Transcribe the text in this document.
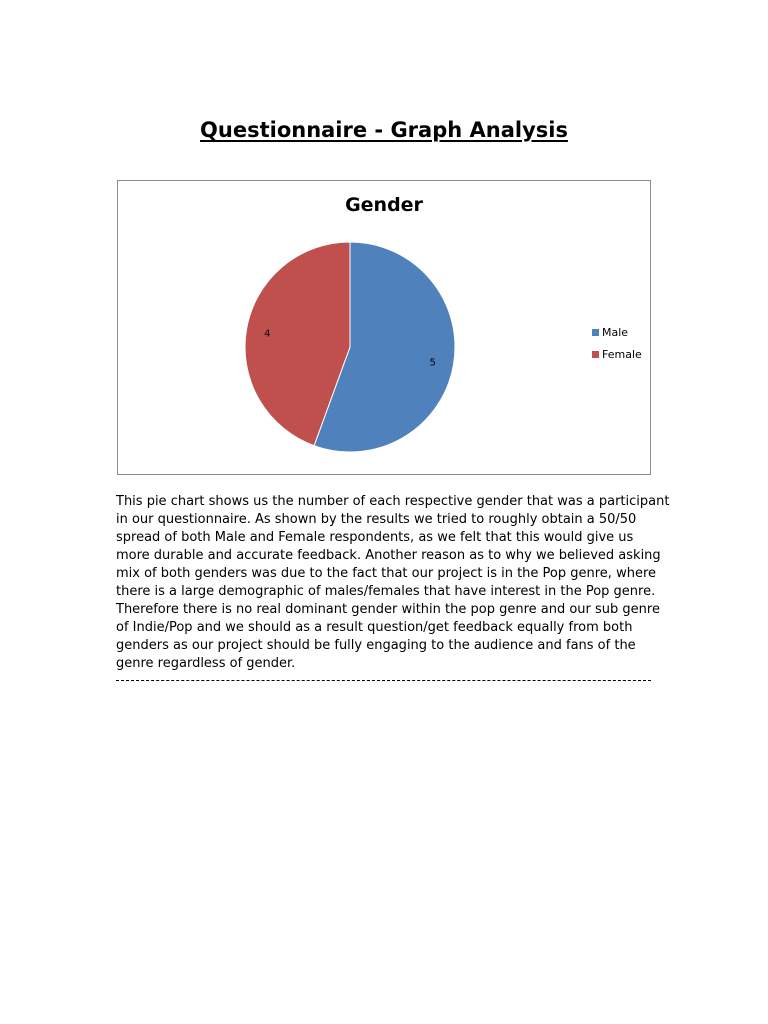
Questionnaire - Graph Analysis
Gender
5
4	Male
Female
This pie chart shows us the number of each respective gender that was a participant
in our questionnaire. As shown by the results we tried to roughly obtain a 50/50
spread of both Male and Female respondents, as we felt that this would give us
more durable and accurate feedback. Another reason as to why we believed asking
mix of both genders was due to the fact that our project is in the Pop genre, where
there is a large demographic of males/females that have interest in the Pop genre.
Therefore there is no real dominant gender within the pop genre and our sub genre
of Indie/Pop and we should as a result question/get feedback equally from both
genders as our project should be fully engaging to the audience and fans of the
genre regardless of gender.
